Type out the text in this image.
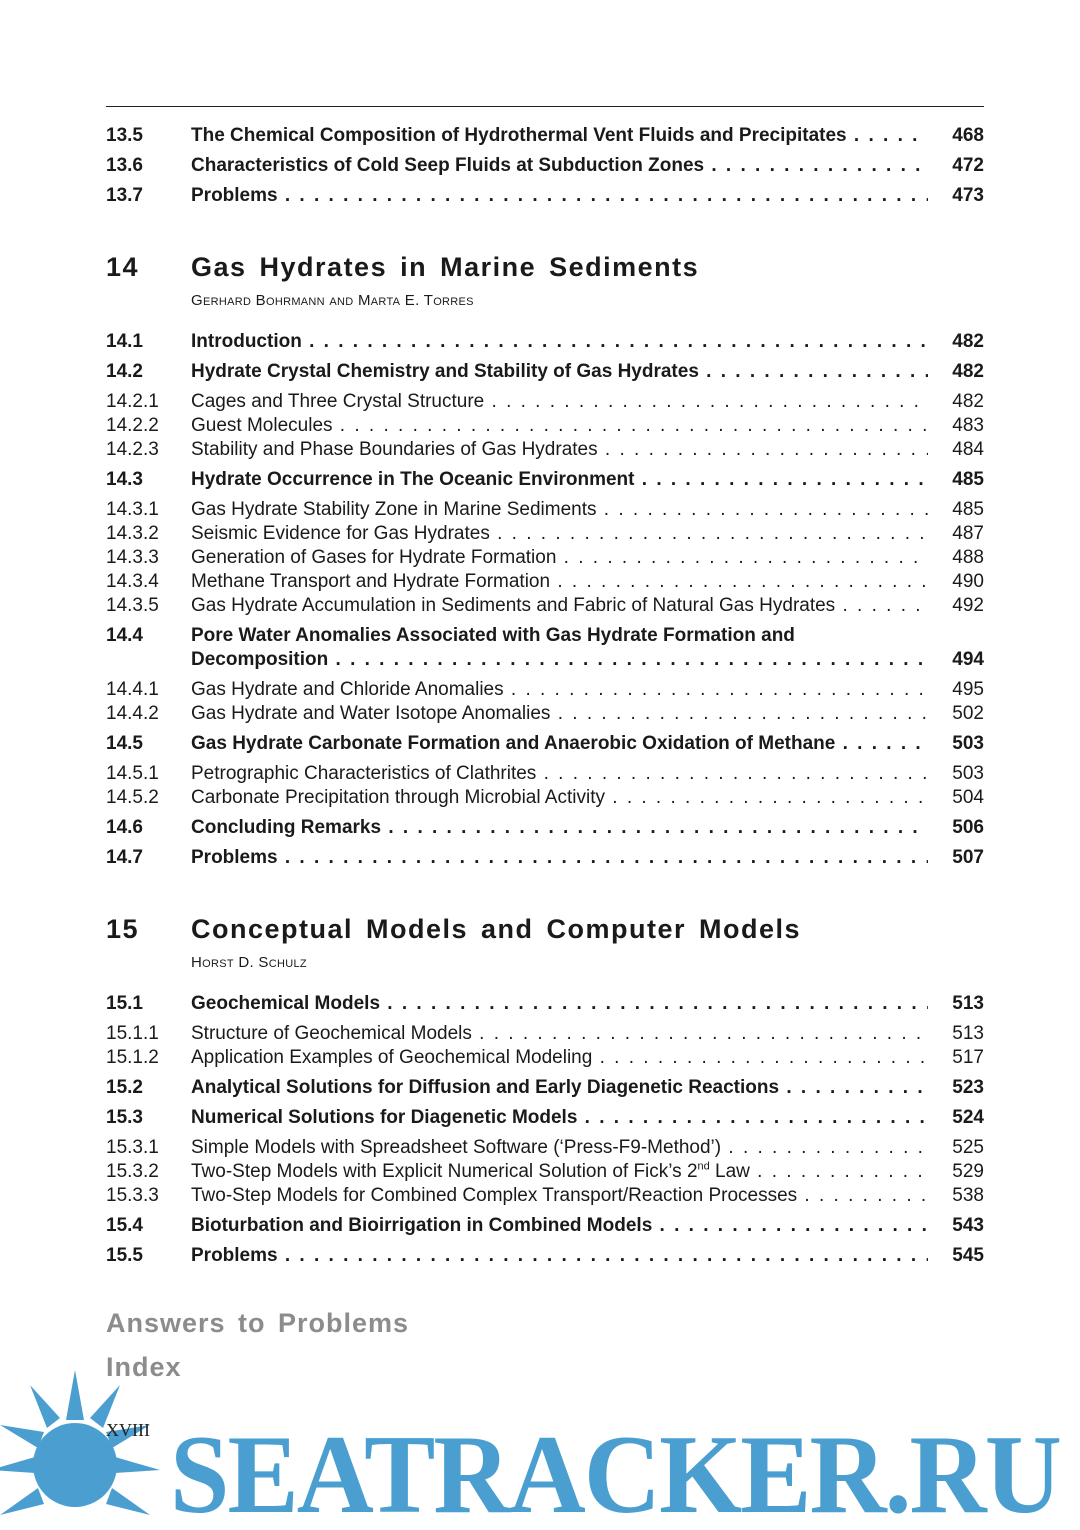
13.5	The Chemical Composition of Hydrothermal Vent Fluids and Precipitates . . .	468
13.6	Characteristics of Cold Seep Fluids at Subduction Zones . . .	472
13.7	Problems . . .	473
14 Gas Hydrates in Marine Sediments
Gerhard Bohrmann and Marta E. Torres
14.1	Introduction . . .	482
14.2	Hydrate Crystal Chemistry and Stability of Gas Hydrates . . .	482
14.2.1 Cages and Three Crystal Structure . . .	482
14.2.2 Guest Molecules . . .	483
14.2.3 Stability and Phase Boundaries of Gas Hydrates . . .	484
14.3	Hydrate Occurrence in The Oceanic Environment . . .	485
14.3.1 Gas Hydrate Stability Zone in Marine Sediments . . .	485
14.3.2 Seismic Evidence for Gas Hydrates . . .	487
14.3.3 Generation of Gases for Hydrate Formation . . .	488
14.3.4 Methane Transport and Hydrate Formation . . .	490
14.3.5 Gas Hydrate Accumulation in Sediments and Fabric of Natural Gas Hydrates . . .	492
14.4	Pore Water Anomalies Associated with Gas Hydrate Formation and
Decomposition . . .	494
14.4.1 Gas Hydrate and Chloride Anomalies . . .	495
14.4.2 Gas Hydrate and Water Isotope Anomalies . . .	502
14.5	Gas Hydrate Carbonate Formation and Anaerobic Oxidation of Methane . . .	503
14.5.1 Petrographic Characteristics of Clathrites . . .	503
14.5.2 Carbonate Precipitation through Microbial Activity . . .	504
14.6	Concluding Remarks . . .	506
14.7	Problems . . .	507
15 Conceptual Models and Computer Models
Horst D. Schulz
15.1	Geochemical Models . . .	513
15.1.1 Structure of Geochemical Models . . .	513
15.1.2 Application Examples of Geochemical Modeling . . .	517
15.2	Analytical Solutions for Diffusion and Early Diagenetic Reactions . . .	523
15.3	Numerical Solutions for Diagenetic Models . . .	524
15.3.1 Simple Models with Spreadsheet Software (‘Press-F9-Method’) . . .	525
15.3.2 Two-Step Models with Explicit Numerical Solution of Fick’s 2nd Law . . .	529
15.3.3 Two-Step Models for Combined Complex Transport/Reaction Processes . . .	538
15.4	Bioturbation and Bioirrigation in Combined Models . . .	543
15.5	Problems . . .	545
Answers to Problems
Index
SEATRACKER.RU
XVIII
